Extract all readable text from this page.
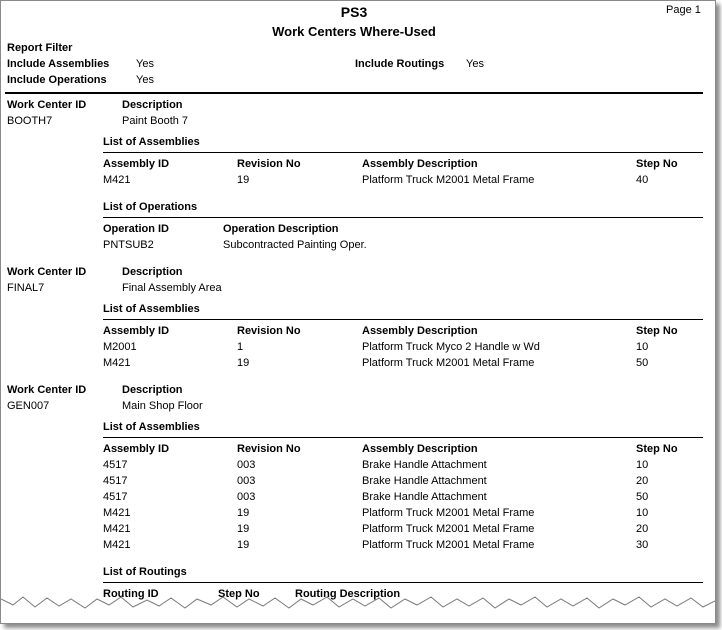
PS3
Work Centers Where-Used
Page 1
Report Filter
Include Assemblies Yes
Include Operations	Yes
Include Routings Yes
Work Center ID	Description
BOOTH7	Paint Booth 7
List of Assemblies
Assembly ID	Revision No	Assembly Description	Step No
M421	19	Platform Truck M2001 Metal Frame	40
List of Operations
Operation ID	Operation Description
PNTSUB2	Subcontracted Painting Oper.
Work Center ID	Description
FINAL7	Final Assembly Area
List of Assemblies
Assembly ID	Revision No	Assembly Description	Step No
M2001	1	Platform Truck Myco 2 Handle w Wd	10
M421	19	Platform Truck M2001 Metal Frame	50
Work Center ID	Description
GEN007	Main Shop Floor
List of Assemblies
Assembly ID	Revision No	Assembly Description	Step No
4517	003	Brake Handle Attachment	10
4517	003	Brake Handle Attachment	20
4517	003	Brake Handle Attachment	50
M421	19	Platform Truck M2001 Metal Frame	10
M421	19	Platform Truck M2001 Metal Frame	20
M421	19	Platform Truck M2001 Metal Frame	30
List of Routings
Routing ID	Step No	Routing Description
